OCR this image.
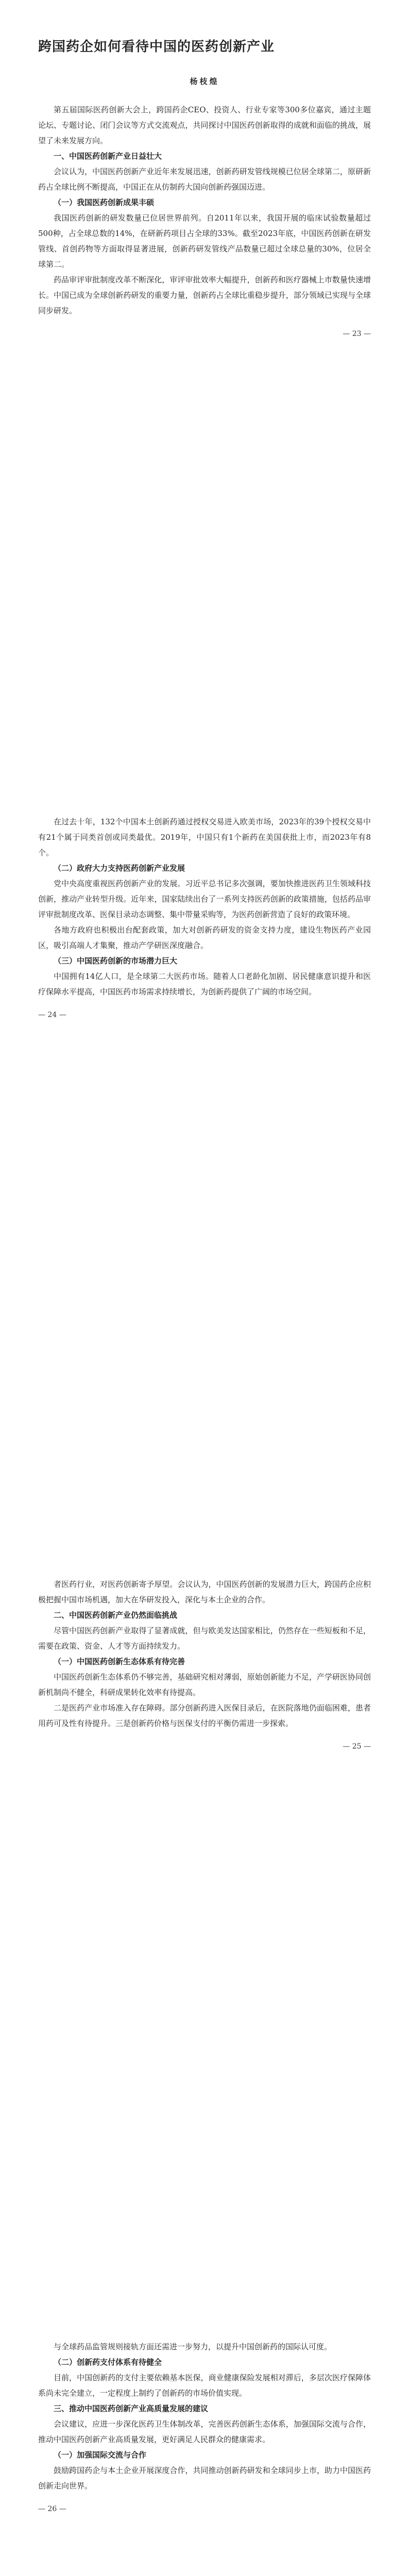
跨国药企如何看待中国的医药创新产业
杨枝煌

第五届国际医药创新大会上，跨国药企CEO、投资人、行业专家等300多位嘉宾，通过主题论坛、专题讨论、闭门会议等方式交流观点，共同探讨中国医药创新取得的成就和面临的挑战，展望了未来发展方向。

一、中国医药创新产业日益壮大

会议认为，中国医药创新产业近年来发展迅速，创新药研发管线规模已位居全球第二，原研新药占全球比例不断提高，中国正在从仿制药大国向创新药强国迈进。

（一）我国医药创新成果丰硕

我国医药创新的研发数量已位居世界前列。自2011年以来，我国开展的临床试验数量超过500种，占全球总数的14%，在研新药项目占全球的33%。截至2023年底，中国医药创新在研发管线、首创药物等方面取得显著进展，创新药研发管线产品数量已超过全球总量的30%，位居全球第二。

药品审评审批制度改革不断深化，审评审批效率大幅提升，创新药和医疗器械上市数量快速增长。中国已成为全球创新药研发的重要力量，创新药占全球比重稳步提升，部分领域已实现与全球同步研发。

— 23 —

在过去十年，132个中国本土创新药通过授权交易进入欧美市场，2023年的39个授权交易中有21个属于同类首创或同类最优。2019年，中国只有1个新药在美国获批上市，而2023年有8个。

（二）政府大力支持医药创新产业发展

党中央高度重视医药创新产业的发展。习近平总书记多次强调，要加快推进医药卫生领域科技创新，推动产业转型升级。近年来，国家陆续出台了一系列支持医药创新的政策措施，包括药品审评审批制度改革、医保目录动态调整、集中带量采购等，为医药创新营造了良好的政策环境。

各地方政府也积极出台配套政策，加大对创新药研发的资金支持力度，建设生物医药产业园区，吸引高端人才集聚，推动产学研医深度融合。

（三）中国医药创新的市场潜力巨大

中国拥有14亿人口，是全球第二大医药市场。随着人口老龄化加剧、居民健康意识提升和医疗保障水平提高，中国医药市场需求持续增长，为创新药提供了广阔的市场空间。

— 24 —

者医药行业，对医药创新寄予厚望。会议认为，中国医药创新的发展潜力巨大，跨国药企应积极把握中国市场机遇，加大在华研发投入，深化与本土企业的合作。

二、中国医药创新产业仍然面临挑战

尽管中国医药创新产业取得了显著成就，但与欧美发达国家相比，仍然存在一些短板和不足，需要在政策、资金、人才等方面持续发力。

（一）中国医药创新生态体系有待完善

中国医药创新生态体系仍不够完善，基础研究相对薄弱，原始创新能力不足，产学研医协同创新机制尚不健全，科研成果转化效率有待提高。

二是医药产业市场准入存在障碍。部分创新药进入医保目录后，在医院落地仍面临困难，患者用药可及性有待提升。三是创新药价格与医保支付的平衡仍需进一步探索。

— 25 —

与全球药品监管规则接轨方面还需进一步努力，以提升中国创新药的国际认可度。

（二）创新药支付体系有待健全

目前，中国创新药的支付主要依赖基本医保，商业健康保险发展相对滞后，多层次医疗保障体系尚未完全建立，一定程度上制约了创新药的市场价值实现。

三、推动中国医药创新产业高质量发展的建议

会议建议，应进一步深化医药卫生体制改革，完善医药创新生态体系，加强国际交流与合作，推动中国医药创新产业高质量发展，更好满足人民群众的健康需求。

（一）加强国际交流与合作

鼓励跨国药企与本土企业开展深度合作，共同推动创新药研发和全球同步上市，助力中国医药创新走向世界。

— 26 —
